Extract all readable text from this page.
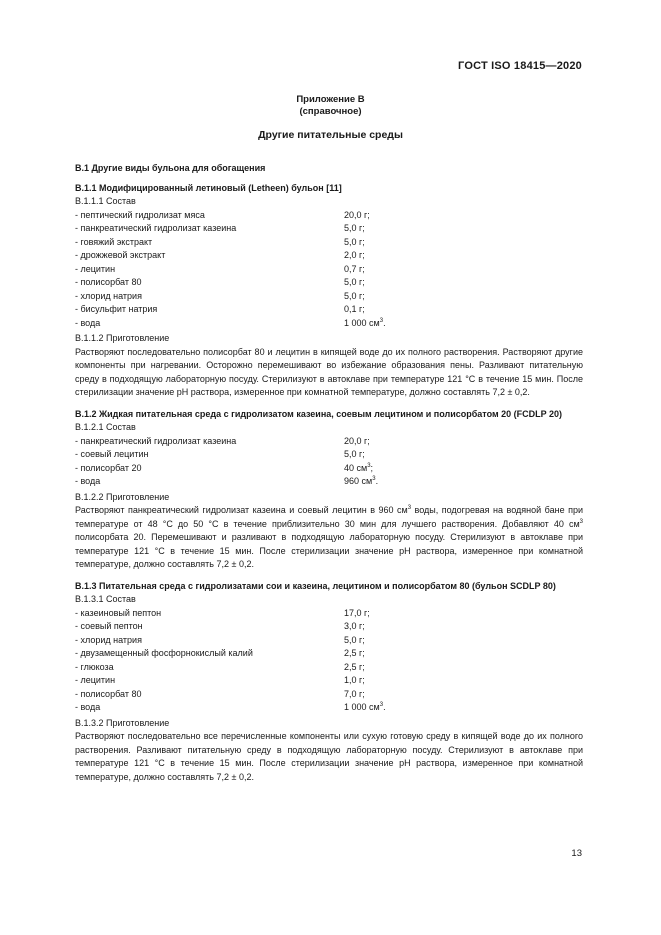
ГОСТ ISO 18415—2020
Приложение В
(справочное)
Другие питательные среды

В.1 Другие виды бульона для обогащения

В.1.1 Модифицированный летиновый (Letheen) бульон [11]

В.1.1.1 Состав

- пептический гидролизат мяса	20,0 г;
- панкреатический гидролизат казеина	5,0 г;
- говяжий экстракт	5,0 г;
- дрожжевой экстракт	2,0 г;
- лецитин	0,7 г;
- полисорбат 80	5,0 г;
- хлорид натрия	5,0 г;
- бисульфит натрия	0,1 г;
- вода	1 000 $см^3$.

В.1.1.2 Приготовление

Растворяют последовательно полисорбат 80 и лецитин в кипящей воде до их полного растворения. Растворяют другие компоненты при нагревании. Осторожно перемешивают во избежание образования пены. Разливают питательную среду в подходящую лабораторную посуду. Стерилизуют в автоклаве при температуре 121 °С в течение 15 мин. После стерилизации значение рН раствора, измеренное при комнатной температуре, должно составлять 7,2 ± 0,2.

В.1.2 Жидкая питательная среда с гидролизатом казеина, соевым лецитином и полисорбатом 20 (FCDLP 20)

В.1.2.1 Состав

- панкреатический гидролизат казеина	20,0 г;
- соевый лецитин	5,0 г;
- полисорбат 20	40 $см^3$;
- вода	960 $см^3$.

В.1.2.2 Приготовление

Растворяют панкреатический гидролизат казеина и соевый лецитин в 960 $см^3$ воды, подогревая на водяной бане при температуре от 48 °С до 50 °С в течение приблизительно 30 мин для лучшего растворения. Добавляют 40 $см^3$ полисорбата 20. Перемешивают и разливают в подходящую лабораторную посуду. Стерилизуют в автоклаве при температуре 121 °С в течение 15 мин. После стерилизации значение рН раствора, измеренное при комнатной температуре, должно составлять 7,2 ± 0,2.

В.1.3 Питательная среда с гидролизатами сои и казеина, лецитином и полисорбатом 80 (бульон SCDLP 80)

В.1.3.1 Состав

- казеиновый пептон	17,0 г;
- соевый пептон	3,0 г;
- хлорид натрия	5,0 г;
- двузамещенный фосфорнокислый калий	2,5 г;
- глюкоза	2,5 г;
- лецитин	1,0 г;
- полисорбат 80	7,0 г;
- вода	1 000 $см^3$.

В.1.3.2 Приготовление

Растворяют последовательно все перечисленные компоненты или сухую готовую среду в кипящей воде до их полного растворения. Разливают питательную среду в подходящую лабораторную посуду. Стерилизуют в автоклаве при температуре 121 °С в течение 15 мин. После стерилизации значение рН раствора, измеренное при комнатной температуре, должно составлять 7,2 ± 0,2.

13
